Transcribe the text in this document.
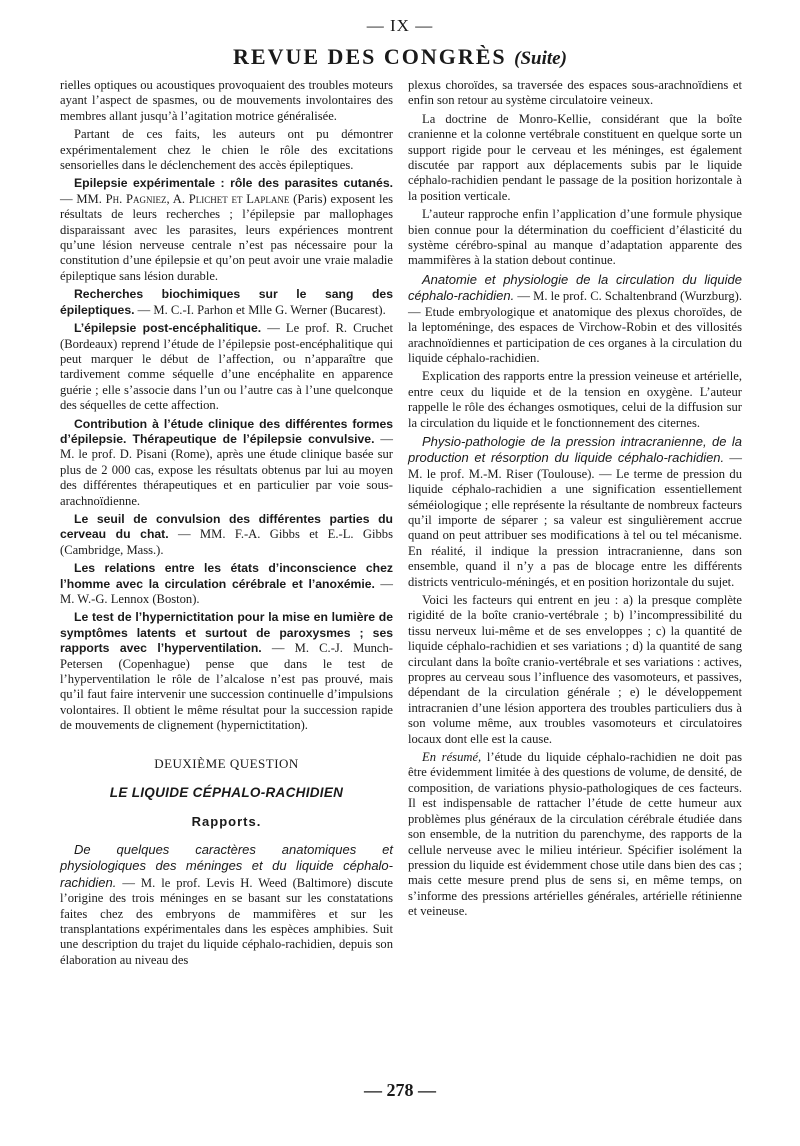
— IX —
REVUE DES CONGRÈS (Suite)

rielles optiques ou acoustiques provoquaient des troubles moteurs ayant l’aspect de spasmes, ou de mouvements involontaires des membres allant jusqu’à l’agitation motrice généralisée.

Partant de ces faits, les auteurs ont pu démontrer expérimentalement chez le chien le rôle des excitations sensorielles dans le déclenchement des accès épileptiques.

Epilepsie expérimentale : rôle des parasites cutanés. — MM. Ph. Pagniez, A. Plichet et Laplane (Paris) exposent les résultats de leurs recherches ; l’épilepsie par mallophages disparaissant avec les parasites, leurs expériences montrent qu’une lésion nerveuse centrale n’est pas nécessaire pour la constitution d’une épilepsie et qu’on peut avoir une vraie maladie épileptique sans lésion durable.

Recherches biochimiques sur le sang des épileptiques. — M. C.-I. Parhon et Mlle G. Werner (Bucarest).

L’épilepsie post-encéphalitique. — Le prof. R. Cruchet (Bordeaux) reprend l’étude de l’épilepsie post-encéphalitique qui peut marquer le début de l’affection, ou n’apparaître que tardivement comme séquelle d’une encéphalite en apparence guérie ; elle s’associe dans l’un ou l’autre cas à l’une quelconque des séquelles de cette affection.

Contribution à l’étude clinique des différentes formes d’épilepsie. Thérapeutique de l’épilepsie convulsive. — M. le prof. D. Pisani (Rome), après une étude clinique basée sur plus de 2 000 cas, expose les résultats obtenus par lui au moyen des différentes thérapeutiques et en particulier par voie sous-arachnoïdienne.

Le seuil de convulsion des différentes parties du cerveau du chat. — MM. F.-A. Gibbs et E.-L. Gibbs (Cambridge, Mass.).

Les relations entre les états d’inconscience chez l’homme avec la circulation cérébrale et l’anoxémie. — M. W.-G. Lennox (Boston).

Le test de l’hypernictitation pour la mise en lumière de symptômes latents et surtout de paroxysmes ; ses rapports avec l’hyperventilation. — M. C.-J. Munch-Petersen (Copenhague) pense que dans le test de l’hyperventilation le rôle de l’alcalose n’est pas prouvé, mais qu’il faut faire intervenir une succession continuelle d’impulsions volontaires. Il obtient le même résultat pour la succession rapide de mouvements de clignement (hypernictitation).

DEUXIÈME QUESTION

LE LIQUIDE CÉPHALO-RACHIDIEN

Rapports.

De quelques caractères anatomiques et physiologiques des méninges et du liquide céphalo-rachidien. — M. le prof. Levis H. Weed (Baltimore) discute l’origine des trois méninges en se basant sur les constatations faites chez des embryons de mammifères et sur les transplantations expérimentales dans les espèces amphibies. Suit une description du trajet du liquide céphalo-rachidien, depuis son élaboration au niveau des

plexus choroïdes, sa traversée des espaces sous-arachnoïdiens et enfin son retour au système circulatoire veineux.

La doctrine de Monro-Kellie, considérant que la boîte cranienne et la colonne vertébrale constituent en quelque sorte un support rigide pour le cerveau et les méninges, est également discutée par rapport aux déplacements subis par le liquide céphalo-rachidien pendant le passage de la position horizontale à la position verticale.

L’auteur rapproche enfin l’application d’une formule physique bien connue pour la détermination du coefficient d’élasticité du système cérébro-spinal au manque d’adaptation apparente des mammifères à la station debout continue.

Anatomie et physiologie de la circulation du liquide céphalo-rachidien. — M. le prof. C. Schaltenbrand (Wurzburg). — Etude embryologique et anatomique des plexus choroïdes, de la leptoméninge, des espaces de Virchow-Robin et des villosités arachnoïdiennes et participation de ces organes à la circulation du liquide céphalo-rachidien.

Explication des rapports entre la pression veineuse et artérielle, entre ceux du liquide et de la tension en oxygène. L’auteur rappelle le rôle des échanges osmotiques, celui de la diffusion sur la circulation du liquide et le fonctionnement des citernes.

Physio-pathologie de la pression intracranienne, de la production et résorption du liquide céphalo-rachidien. — M. le prof. M.-M. Riser (Toulouse). — Le terme de pression du liquide céphalo-rachidien a une signification essentiellement séméiologique ; elle représente la résultante de nombreux facteurs qu’il importe de séparer ; sa valeur est singulièrement accrue quand on peut attribuer ses modifications à tel ou tel mécanisme. En réalité, il indique la pression intracranienne, dans son ensemble, quand il n’y a pas de blocage entre les différents districts ventriculo-méningés, et en position horizontale du sujet.

Voici les facteurs qui entrent en jeu : a) la presque complète rigidité de la boîte cranio-vertébrale ; b) l’incompressibilité du tissu nerveux lui-même et de ses enveloppes ; c) la quantité de liquide céphalo-rachidien et ses variations ; d) la quantité de sang circulant dans la boîte cranio-vertébrale et ses variations : actives, propres au cerveau sous l’influence des vasomoteurs, et passives, dépendant de la circulation générale ; e) le développement intracranien d’une lésion apportera des troubles particuliers dus à son volume même, aux troubles vasomoteurs et circulatoires locaux dont elle est la cause.

En résumé, l’étude du liquide céphalo-rachidien ne doit pas être évidemment limitée à des questions de volume, de densité, de composition, de variations physio-pathologiques de ces facteurs. Il est indispensable de rattacher l’étude de cette humeur aux problèmes plus généraux de la circulation cérébrale étudiée dans son ensemble, de la nutrition du parenchyme, des rapports de la cellule nerveuse avec le milieu intérieur. Spécifier isolément la pression du liquide est évidemment chose utile dans bien des cas ; mais cette mesure prend plus de sens si, en même temps, on s’informe des pressions artérielles générales, artérielle rétinienne et veineuse.

— 278 —
